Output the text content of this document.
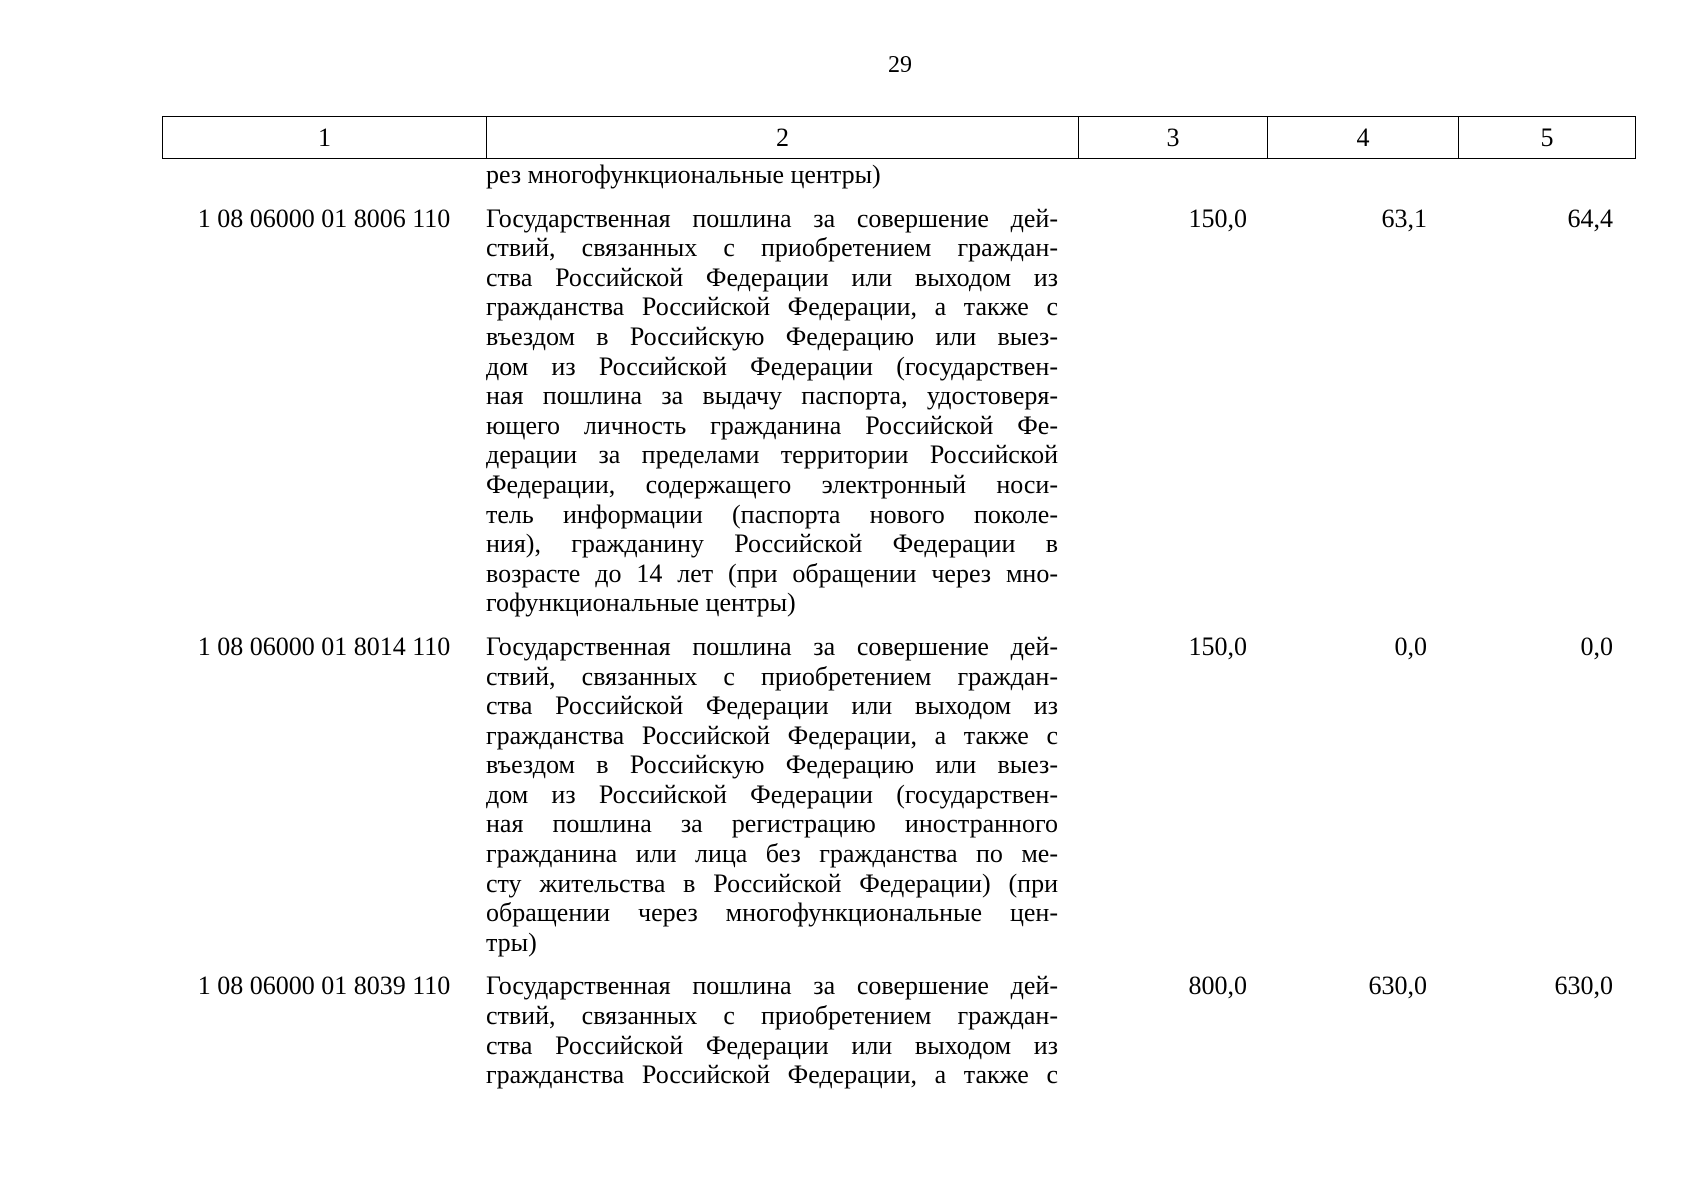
29
1	2	3	4	5
рез многофункциональные центры)
1 08 06000 01 8006 110	Государственная пошлина за совершение дей-
ствий, связанных с приобретением граждан-
ства Российской Федерации или выходом из
гражданства Российской Федерации, а также с
въездом в Российскую Федерацию или выез-
дом из Российской Федерации (государствен-
ная пошлина за выдачу паспорта, удостоверя-
ющего личность гражданина Российской Фе-
дерации за пределами территории Российской
Федерации, содержащего электронный носи-
тель информации (паспорта нового поколе-
ния), гражданину Российской Федерации в
возрасте до 14 лет (при обращении через мно-
гофункциональные центры)
150,0	63,1	64,4
1 08 06000 01 8014 110	Государственная пошлина за совершение дей-
ствий, связанных с приобретением граждан-
ства Российской Федерации или выходом из
гражданства Российской Федерации, а также с
въездом в Российскую Федерацию или выез-
дом из Российской Федерации (государствен-
ная пошлина за регистрацию иностранного
гражданина или лица без гражданства по ме-
сту жительства в Российской Федерации) (при
обращении через многофункциональные цен-
тры)
150,0	0,0	0,0
1 08 06000 01 8039 110	Государственная пошлина за совершение дей-
ствий, связанных с приобретением граждан-
ства Российской Федерации или выходом из
гражданства Российской Федерации, а также с
800,0	630,0	630,0
